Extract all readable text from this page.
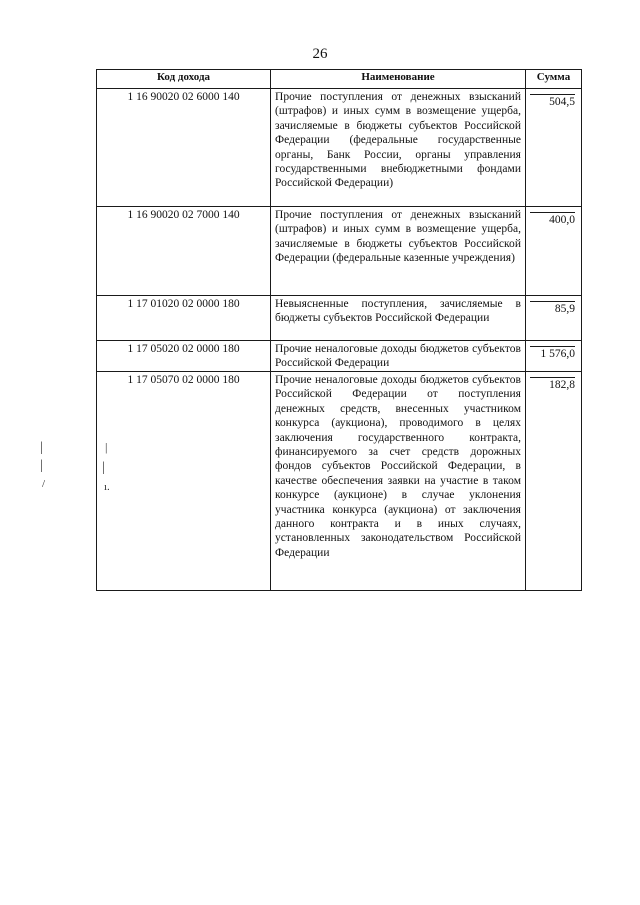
26
Код дохода	Наименование	Сумма
1 16 90020 02 6000 140	Прочие поступления от денежных взысканий (штрафов) и иных сумм в возмещение ущерба, зачисляемые в бюджеты субъектов Российской Федерации (федеральные государственные органы, Банк России, органы управления государственными внебюджетными фондами Российской Федерации)	504,5

1 16 90020 02 7000 140	Прочие поступления от денежных взысканий (штрафов) и иных сумм в возмещение ущерба, зачисляемые в бюджеты субъектов Российской Федерации (федеральные казенные учреждения)	400,0

1 17 01020 02 0000 180	Невыясненные поступления, зачисляемые в бюджеты субъектов Российской Федерации	85,9

1 17 05020 02 0000 180	Прочие неналоговые доходы бюджетов субъектов Российской Федерации	1 576,0

1 17 05070 02 0000 180	Прочие неналоговые доходы бюджетов субъектов Российской Федерации от поступления денежных средств, внесенных участником конкурса (аукциона), проводимого в целях заключения государственного контракта, финансируемого за счет средств дорожных фондов субъектов Российской Федерации, в качестве обеспечения заявки на участие в таком конкурсе (аукционе) в случае уклонения участника конкурса (аукциона) от заключения данного контракта и в иных случаях, установленных законодательством Российской Федерации	182,8
|
|
|
|
ı.
/
